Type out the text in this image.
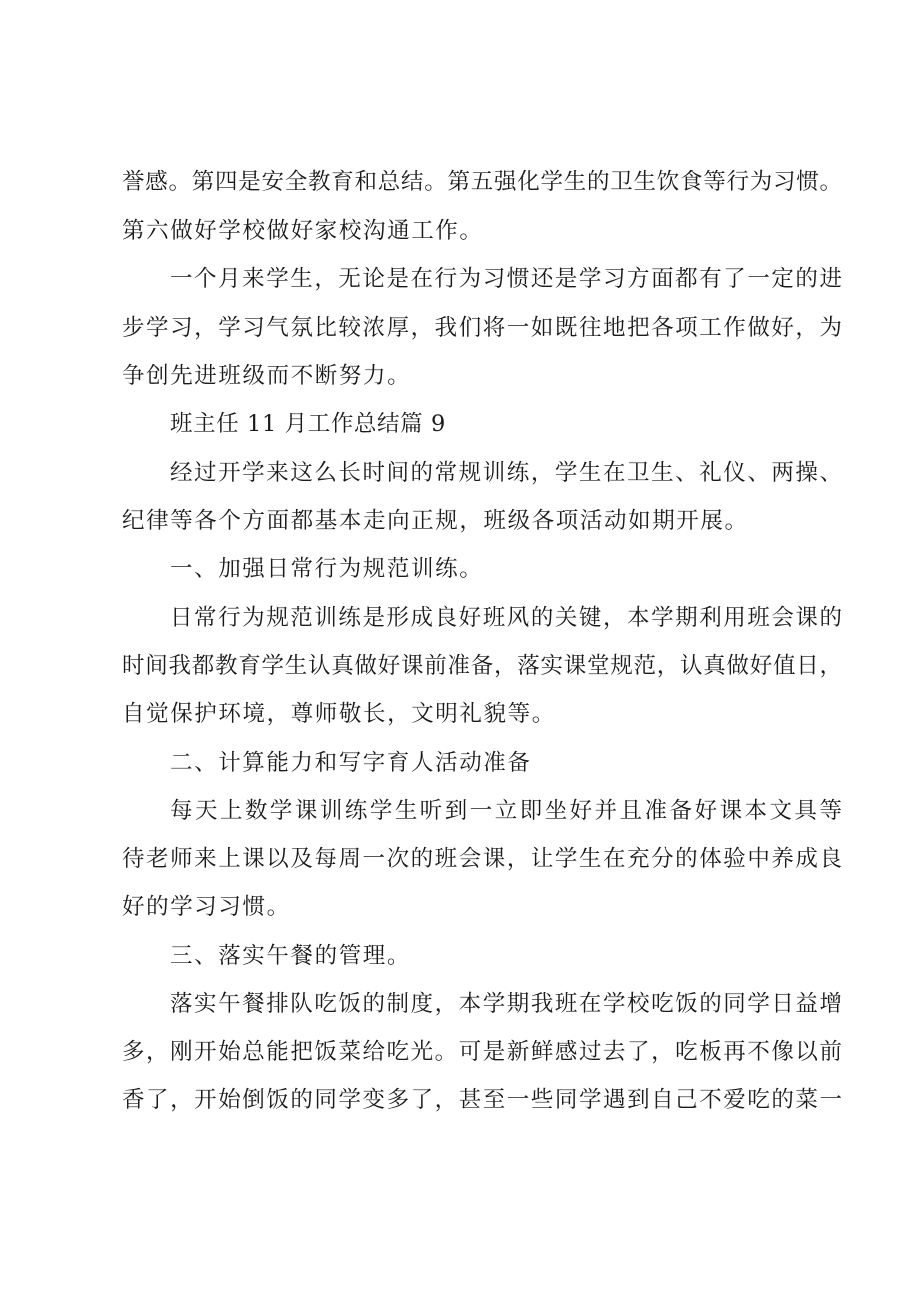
誉感。第四是安全教育和总结。第五强化学生的卫生饮食等行为习惯。
第六做好学校做好家校沟通工作。
一个月来学生，无论是在行为习惯还是学习方面都有了一定的进
步学习，学习气氛比较浓厚，我们将一如既往地把各项工作做好，为
争创先进班级而不断努力。
班主任 11 月工作总结篇 9
经过开学来这么长时间的常规训练，学生在卫生、礼仪、两操、
纪律等各个方面都基本走向正规，班级各项活动如期开展。
一、加强日常行为规范训练。
日常行为规范训练是形成良好班风的关键，本学期利用班会课的
时间我都教育学生认真做好课前准备，落实课堂规范，认真做好值日，
自觉保护环境，尊师敬长，文明礼貌等。
二、计算能力和写字育人活动准备
每天上数学课训练学生听到一立即坐好并且准备好课本文具等
待老师来上课以及每周一次的班会课，让学生在充分的体验中养成良
好的学习习惯。
三、落实午餐的管理。
落实午餐排队吃饭的制度，本学期我班在学校吃饭的同学日益增
多，刚开始总能把饭菜给吃光。可是新鲜感过去了，吃板再不像以前
香了，开始倒饭的同学变多了，甚至一些同学遇到自己不爱吃的菜一
